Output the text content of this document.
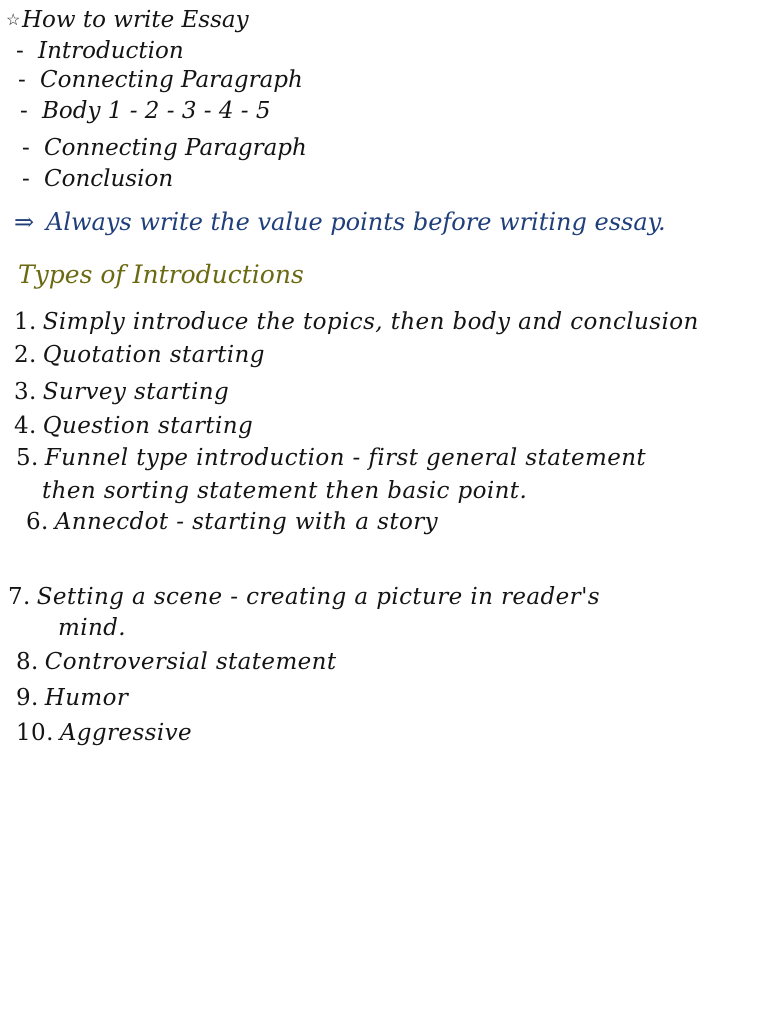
☆How to write Essay
- Introduction
- Connecting Paragraph
- Body 1 - 2 - 3 - 4 - 5
- Connecting Paragraph
- Conclusion
⇒ Always write the value points before writing essay.
Types of Introductions
1. Simply introduce the topics, then body and conclusion
2. Quotation starting
3. Survey starting
4. Question starting
5. Funnel type introduction - first general statement
then sorting statement then basic point.
6. Annecdot - starting with a story
7. Setting a scene - creating a picture in reader's
mind.
8. Controversial statement
9. Humor
10. Aggressive
